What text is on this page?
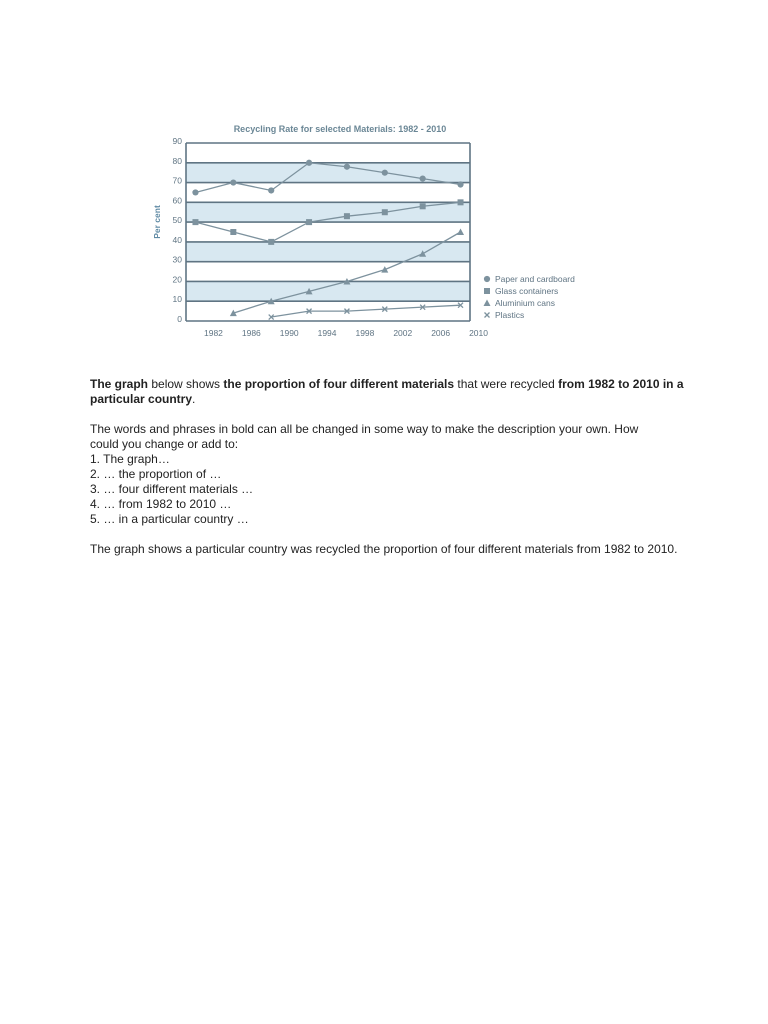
Recycling Rate for selected Materials: 1982 - 2010
0
10
20
30
40
50
60
70
80
90
1982 1986 1990 1994 1998 2002 2006 2010
Per cent
Paper and cardboard
Glass containers
Aluminium cans
Plastics

The graph below shows the proportion of four different materials that were recycled from 1982 to 2010 in a particular country.

The words and phrases in bold can all be changed in some way to make the description your own. How
could you change or add to:

1. The graph…
2. … the proportion of …
3. … four different materials …
4. … from 1982 to 2010 …
5. … in a particular country …

The graph shows a particular country was recycled the proportion of four different materials from 1982 to 2010.
